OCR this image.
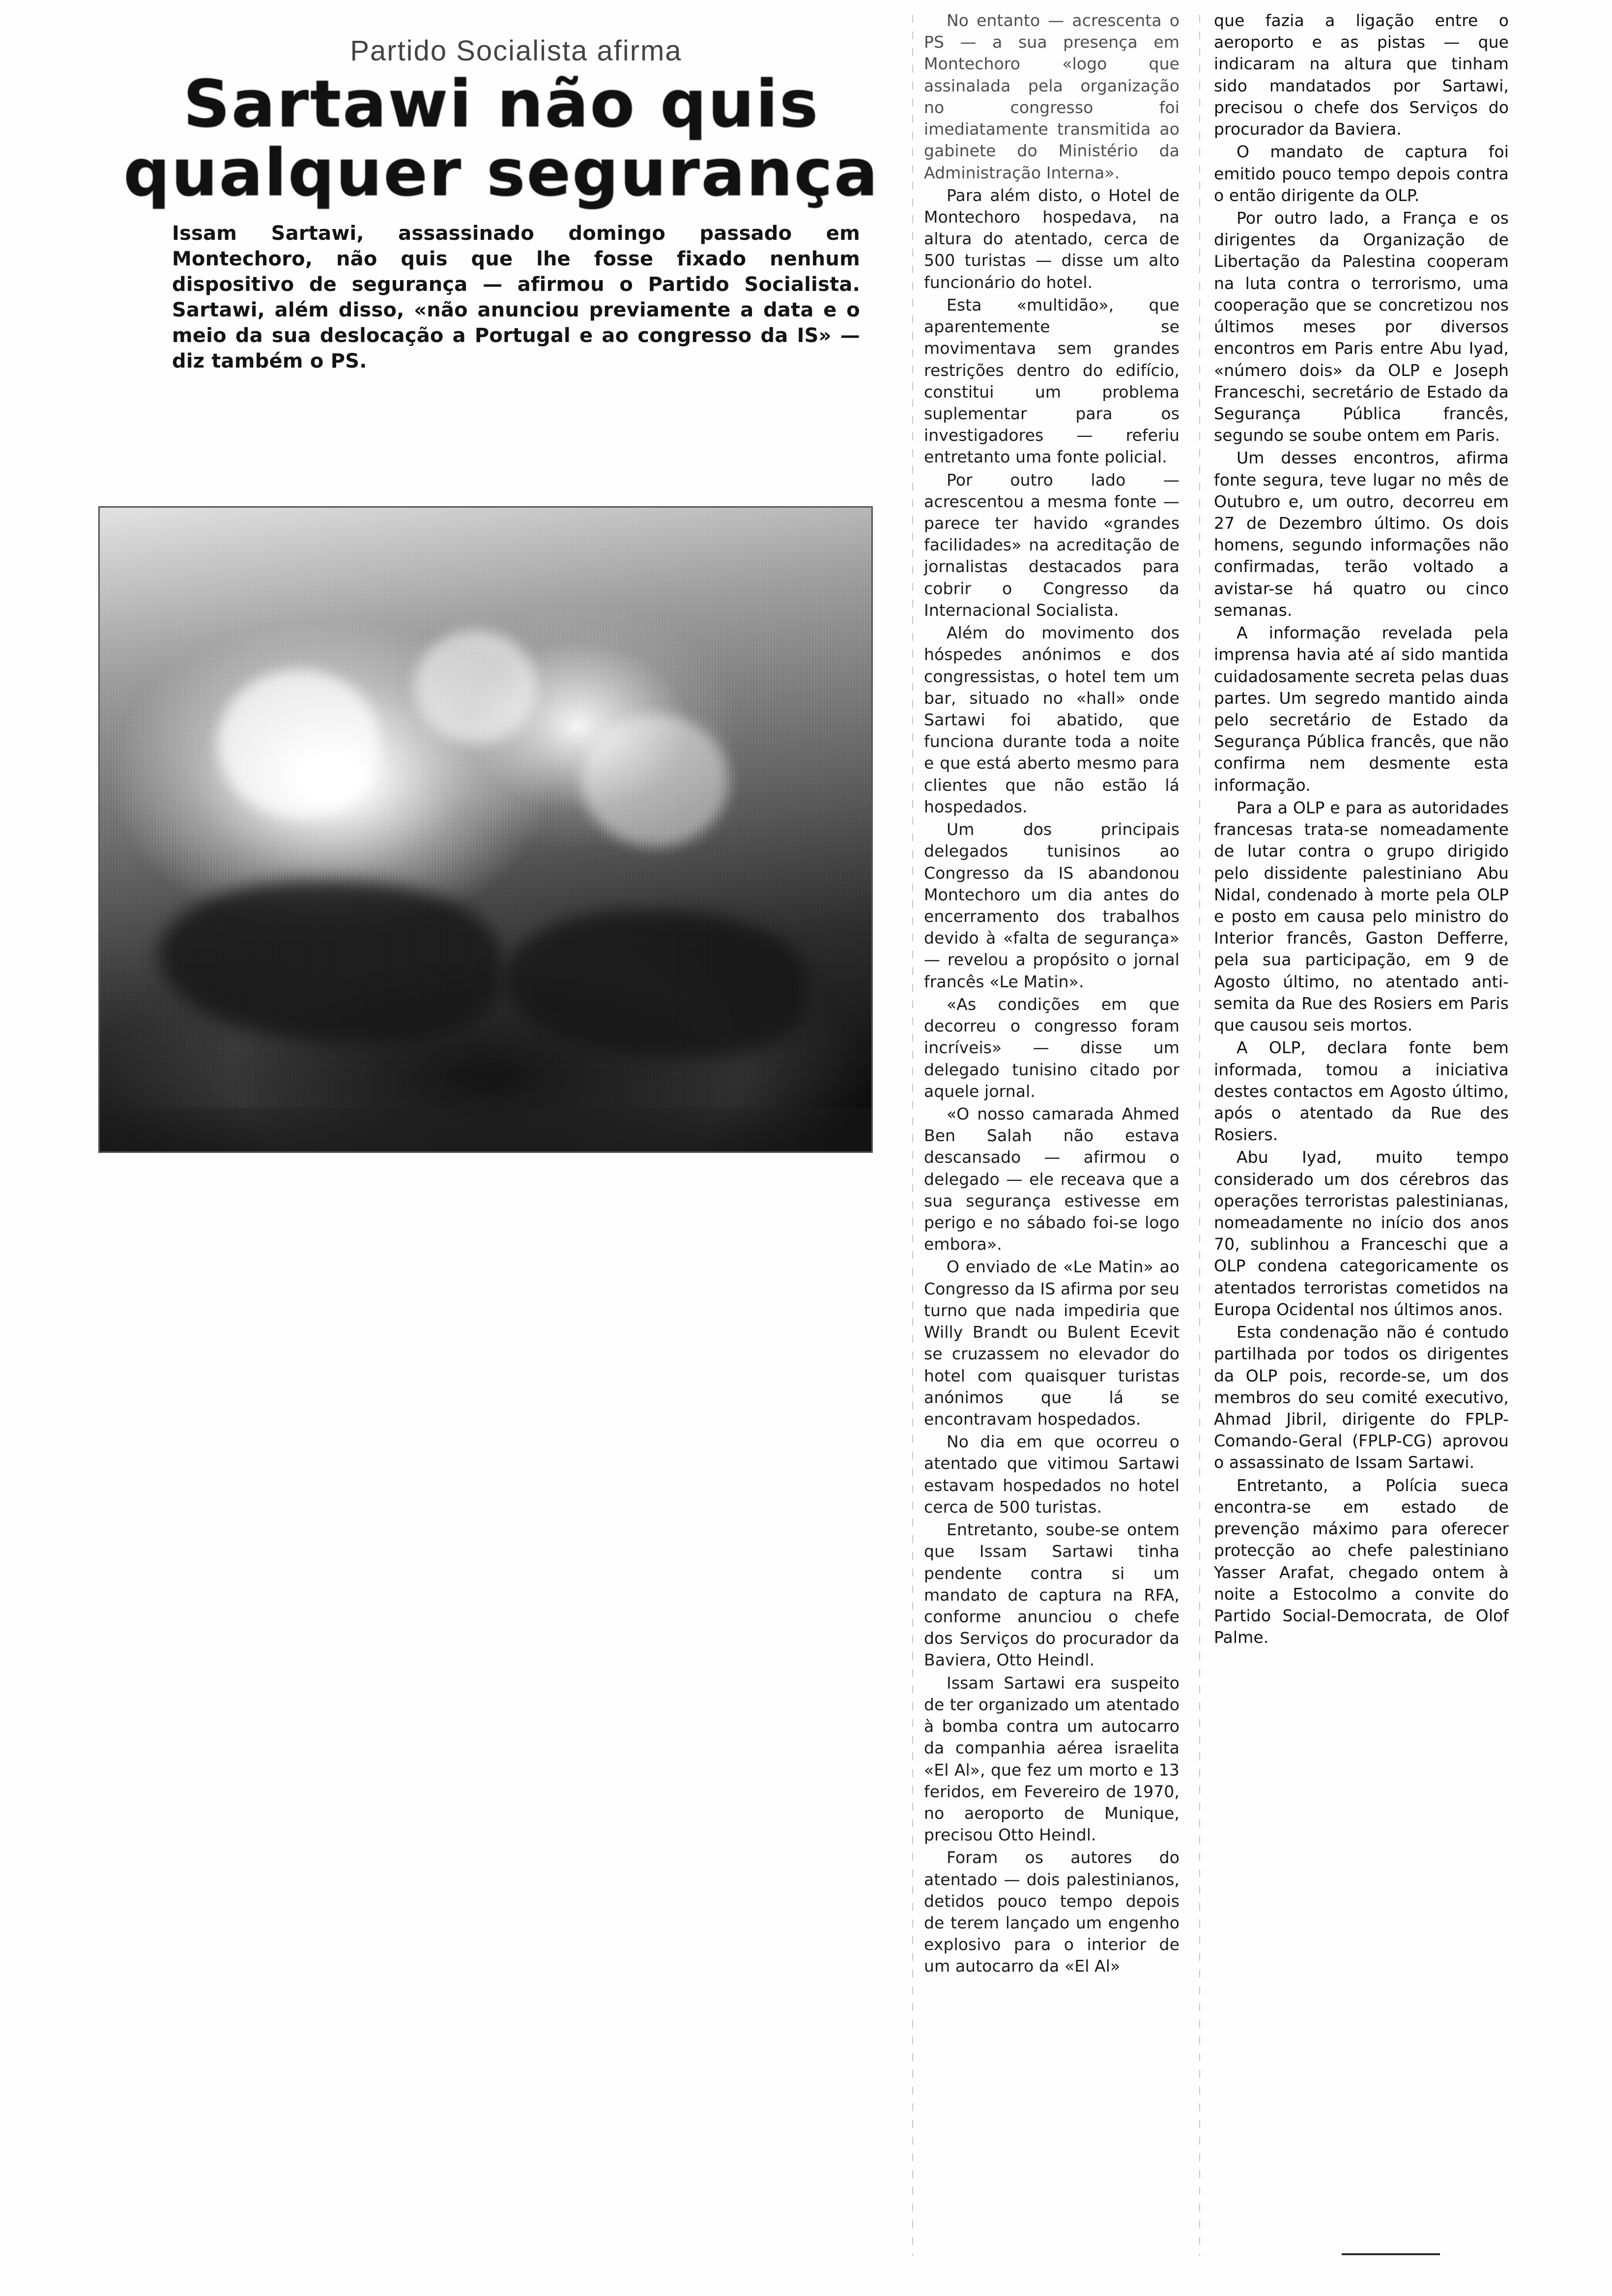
Partido Socialista afirma
Sartawi não quis
qualquer segurança
Issam Sartawi, assassinado domingo passado em Montechoro, não quis que lhe fosse fixado nenhum dispositivo de segurança — afirmou o Partido Socialista. Sartawi, além disso, «não anunciou previamente a data e o meio da sua deslocação a Portugal e ao congresso da IS» — diz também o PS.

No entanto — acrescenta o PS — a sua presença em Montechoro «logo que assinalada pela organização no congresso foi imediatamente transmitida ao gabinete do Ministério da Administração Interna».

Para além disto, o Hotel de Montechoro hospedava, na altura do atentado, cerca de 500 turistas — disse um alto funcionário do hotel.

Esta «multidão», que aparentemente se movimentava sem grandes restrições dentro do edifício, constitui um problema suplementar para os investigadores — referiu entretanto uma fonte policial.

Por outro lado — acrescentou a mesma fonte — parece ter havido «grandes facilidades» na acreditação de jornalistas destacados para cobrir o Congresso da Internacional Socialista.

Além do movimento dos hóspedes anónimos e dos congressistas, o hotel tem um bar, situado no «hall» onde Sartawi foi abatido, que funciona durante toda a noite e que está aberto mesmo para clientes que não estão lá hospedados.

Um dos principais delegados tunisinos ao Congresso da IS abandonou Montechoro um dia antes do encerramento dos trabalhos devido à «falta de segurança» — revelou a propósito o jornal francês «Le Matin».

«As condições em que decorreu o congresso foram incríveis» — disse um delegado tunisino citado por aquele jornal.

«O nosso camarada Ahmed Ben Salah não estava descansado — afirmou o delegado — ele receava que a sua segurança estivesse em perigo e no sábado foi-se logo embora».

O enviado de «Le Matin» ao Congresso da IS afirma por seu turno que nada impediria que Willy Brandt ou Bulent Ecevit se cruzassem no elevador do hotel com quaisquer turistas anónimos que lá se encontravam hospedados.

No dia em que ocorreu o atentado que vitimou Sartawi estavam hospedados no hotel cerca de 500 turistas.

Entretanto, soube-se ontem que Issam Sartawi tinha pendente contra si um mandato de captura na RFA, conforme anunciou o chefe dos Serviços do procurador da Baviera, Otto Heindl.

Issam Sartawi era suspeito de ter organizado um atentado à bomba contra um autocarro da companhia aérea israelita «El Al», que fez um morto e 13 feridos, em Fevereiro de 1970, no aeroporto de Munique, precisou Otto Heindl.

Foram os autores do atentado — dois palestinianos, detidos pouco tempo depois de terem lançado um engenho explosivo para o interior de um autocarro da «El Al»

que fazia a ligação entre o aeroporto e as pistas — que indicaram na altura que tinham sido mandatados por Sartawi, precisou o chefe dos Serviços do procurador da Baviera.

O mandato de captura foi emitido pouco tempo depois contra o então dirigente da OLP.

Por outro lado, a França e os dirigentes da Organização de Libertação da Palestina cooperam na luta contra o terrorismo, uma cooperação que se concretizou nos últimos meses por diversos encontros em Paris entre Abu Iyad, «número dois» da OLP e Joseph Franceschi, secretário de Estado da Segurança Pública francês, segundo se soube ontem em Paris.

Um desses encontros, afirma fonte segura, teve lugar no mês de Outubro e, um outro, decorreu em 27 de Dezembro último. Os dois homens, segundo informações não confirmadas, terão voltado a avistar-se há quatro ou cinco semanas.

A informação revelada pela imprensa havia até aí sido mantida cuidadosamente secreta pelas duas partes. Um segredo mantido ainda pelo secretário de Estado da Segurança Pública francês, que não confirma nem desmente esta informação.

Para a OLP e para as autoridades francesas trata-se nomeadamente de lutar contra o grupo dirigido pelo dissidente palestiniano Abu Nidal, condenado à morte pela OLP e posto em causa pelo ministro do Interior francês, Gaston Defferre, pela sua participação, em 9 de Agosto último, no atentado anti-semita da Rue des Rosiers em Paris que causou seis mortos.

A OLP, declara fonte bem informada, tomou a iniciativa destes contactos em Agosto último, após o atentado da Rue des Rosiers.

Abu Iyad, muito tempo considerado um dos cérebros das operações terroristas palestinianas, nomeadamente no início dos anos 70, sublinhou a Franceschi que a OLP condena categoricamente os atentados terroristas cometidos na Europa Ocidental nos últimos anos.

Esta condenação não é contudo partilhada por todos os dirigentes da OLP pois, recorde-se, um dos membros do seu comité executivo, Ahmad Jibril, dirigente do FPLP-Comando-Geral (FPLP-CG) aprovou o assassinato de Issam Sartawi.

Entretanto, a Polícia sueca encontra-se em estado de prevenção máximo para oferecer protecção ao chefe palestiniano Yasser Arafat, chegado ontem à noite a Estocolmo a convite do Partido Social-Democrata, de Olof Palme.
